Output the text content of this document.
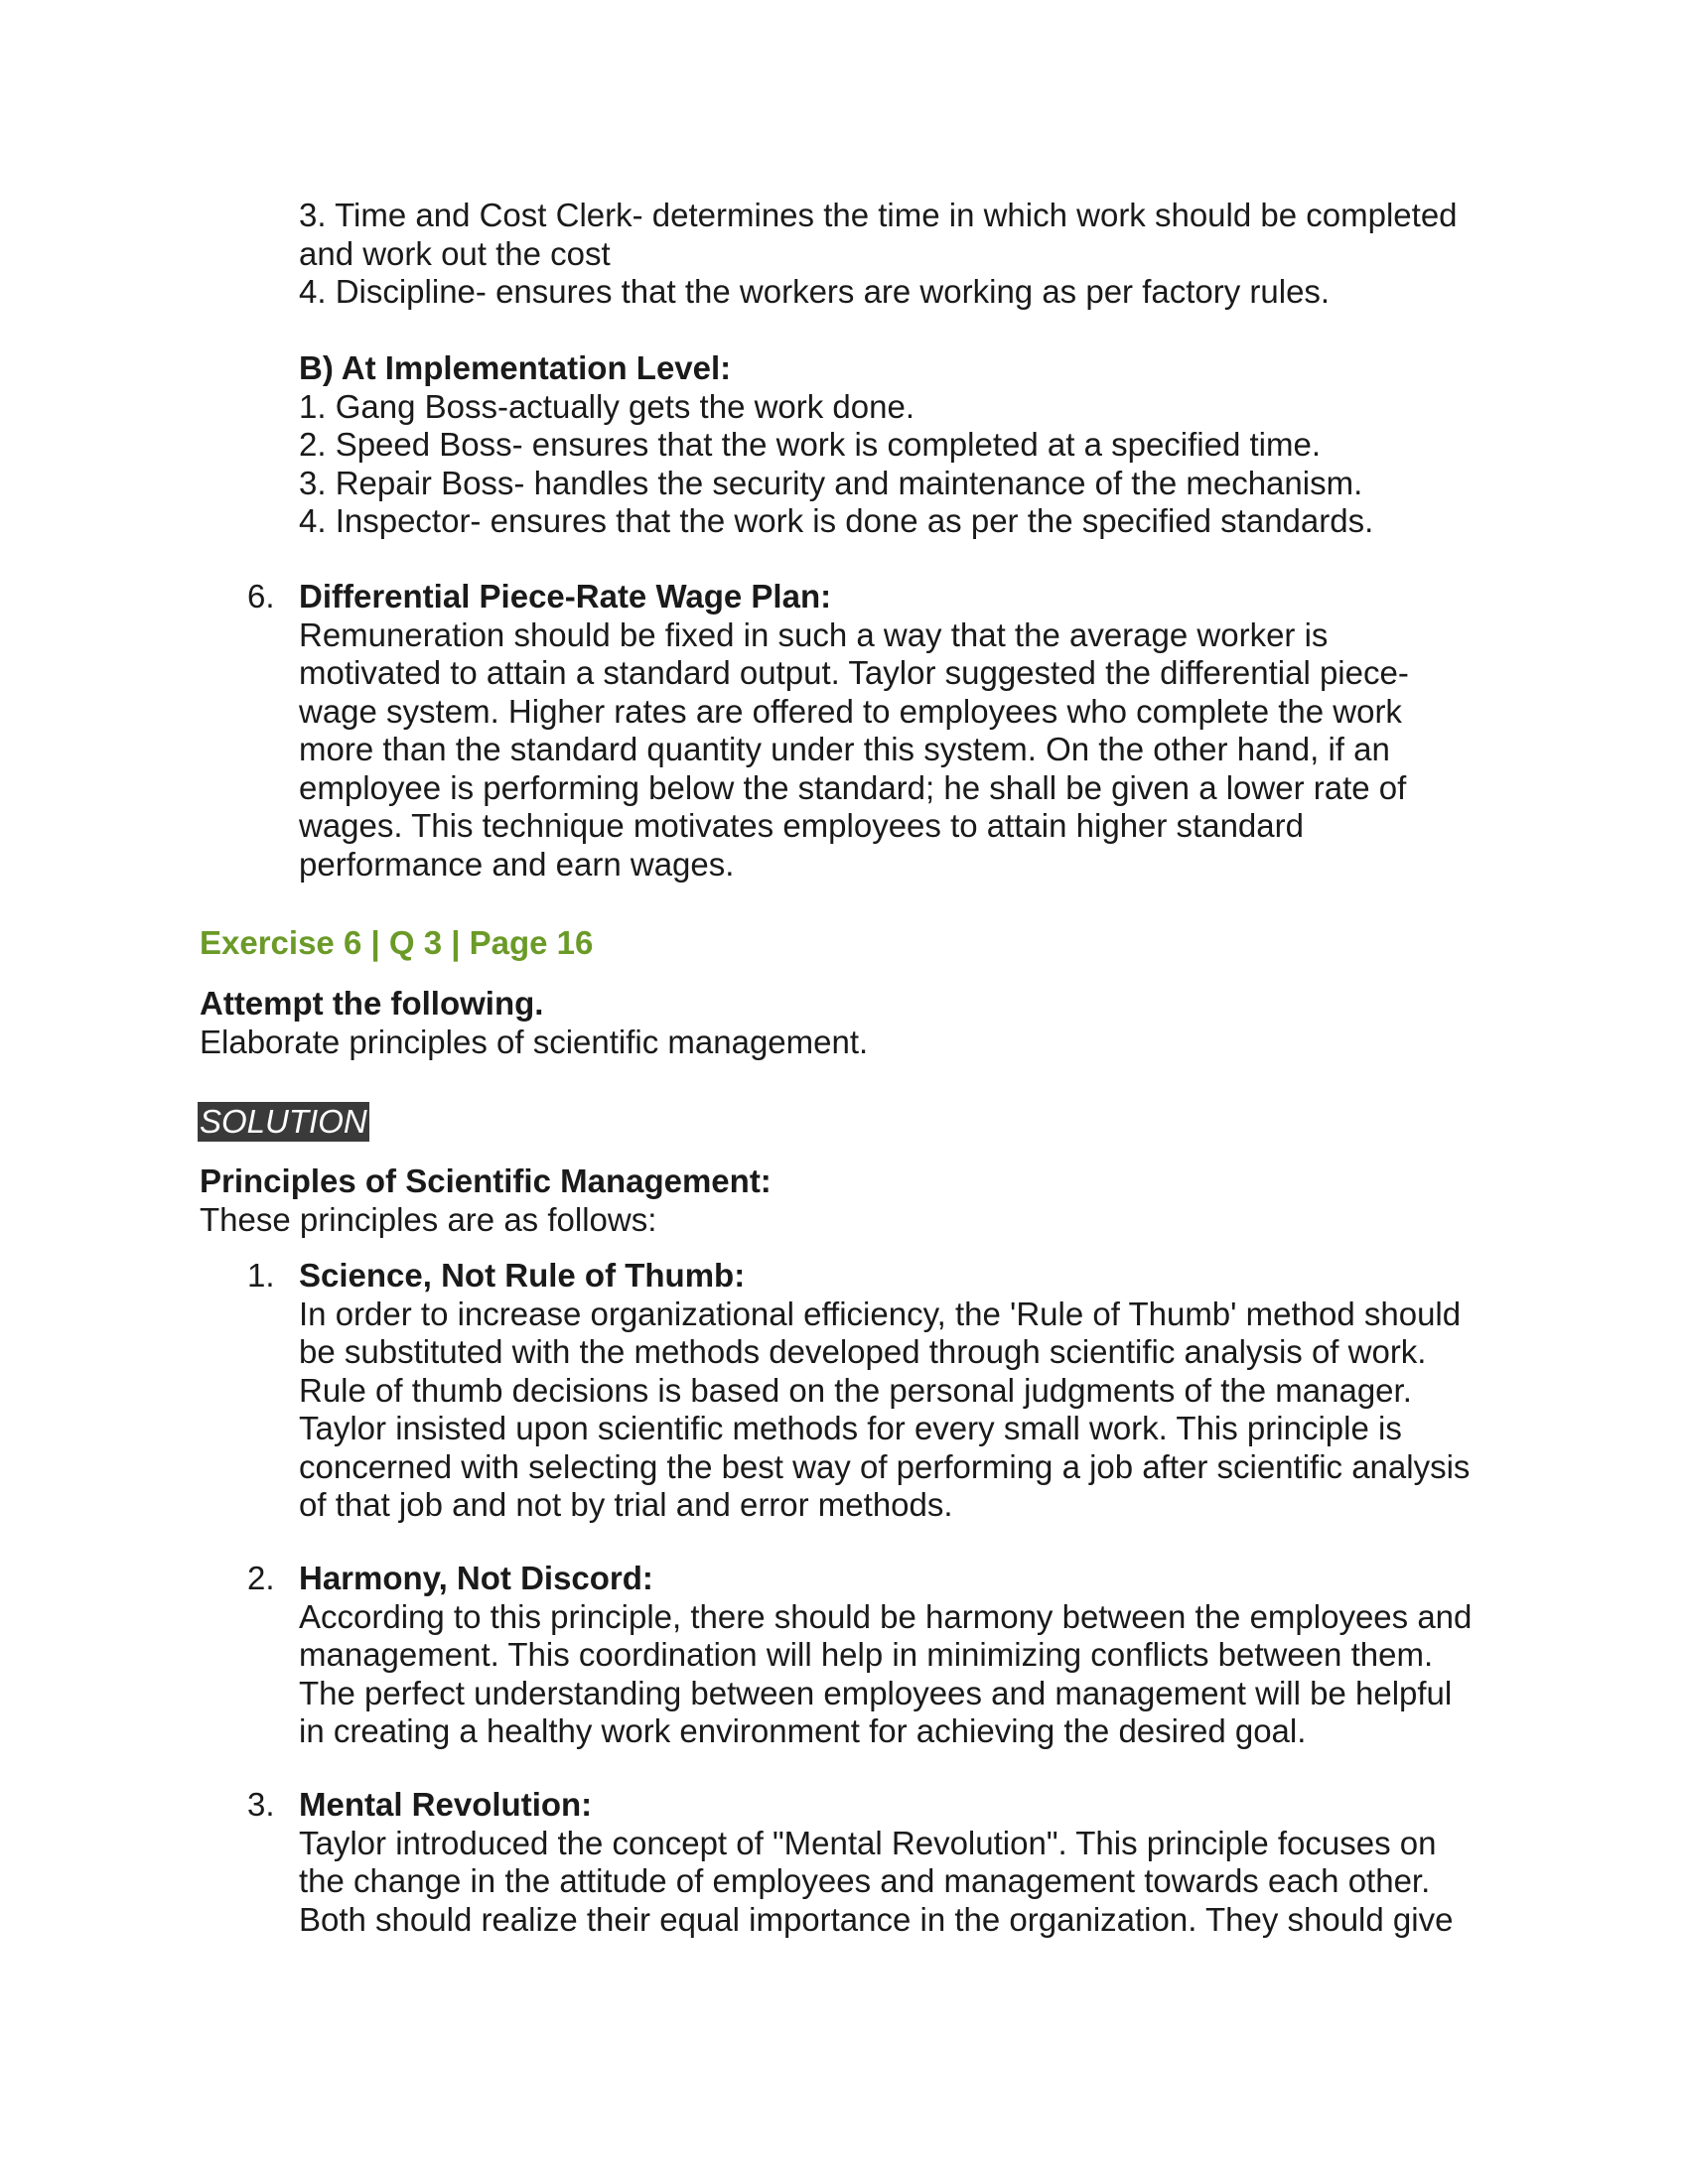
3. Time and Cost Clerk- determines the time in which work should be completed
and work out the cost
4. Discipline- ensures that the workers are working as per factory rules.
B) At Implementation Level:
1. Gang Boss-actually gets the work done.
2. Speed Boss- ensures that the work is completed at a specified time.
3. Repair Boss- handles the security and maintenance of the mechanism.
4. Inspector- ensures that the work is done as per the specified standards.
6. Differential Piece-Rate Wage Plan:
Remuneration should be fixed in such a way that the average worker is
motivated to attain a standard output. Taylor suggested the differential piece-
wage system. Higher rates are offered to employees who complete the work
more than the standard quantity under this system. On the other hand, if an
employee is performing below the standard; he shall be given a lower rate of
wages. This technique motivates employees to attain higher standard
performance and earn wages.
Exercise 6 | Q 3 | Page 16
Attempt the following.
Elaborate principles of scientific management.
SOLUTION
Principles of Scientific Management:
These principles are as follows:
1. Science, Not Rule of Thumb:
In order to increase organizational efficiency, the 'Rule of Thumb' method should
be substituted with the methods developed through scientific analysis of work.
Rule of thumb decisions is based on the personal judgments of the manager.
Taylor insisted upon scientific methods for every small work. This principle is
concerned with selecting the best way of performing a job after scientific analysis
of that job and not by trial and error methods.
2. Harmony, Not Discord:
According to this principle, there should be harmony between the employees and
management. This coordination will help in minimizing conflicts between them.
The perfect understanding between employees and management will be helpful
in creating a healthy work environment for achieving the desired goal.
3. Mental Revolution:
Taylor introduced the concept of "Mental Revolution". This principle focuses on
the change in the attitude of employees and management towards each other.
Both should realize their equal importance in the organization. They should give
